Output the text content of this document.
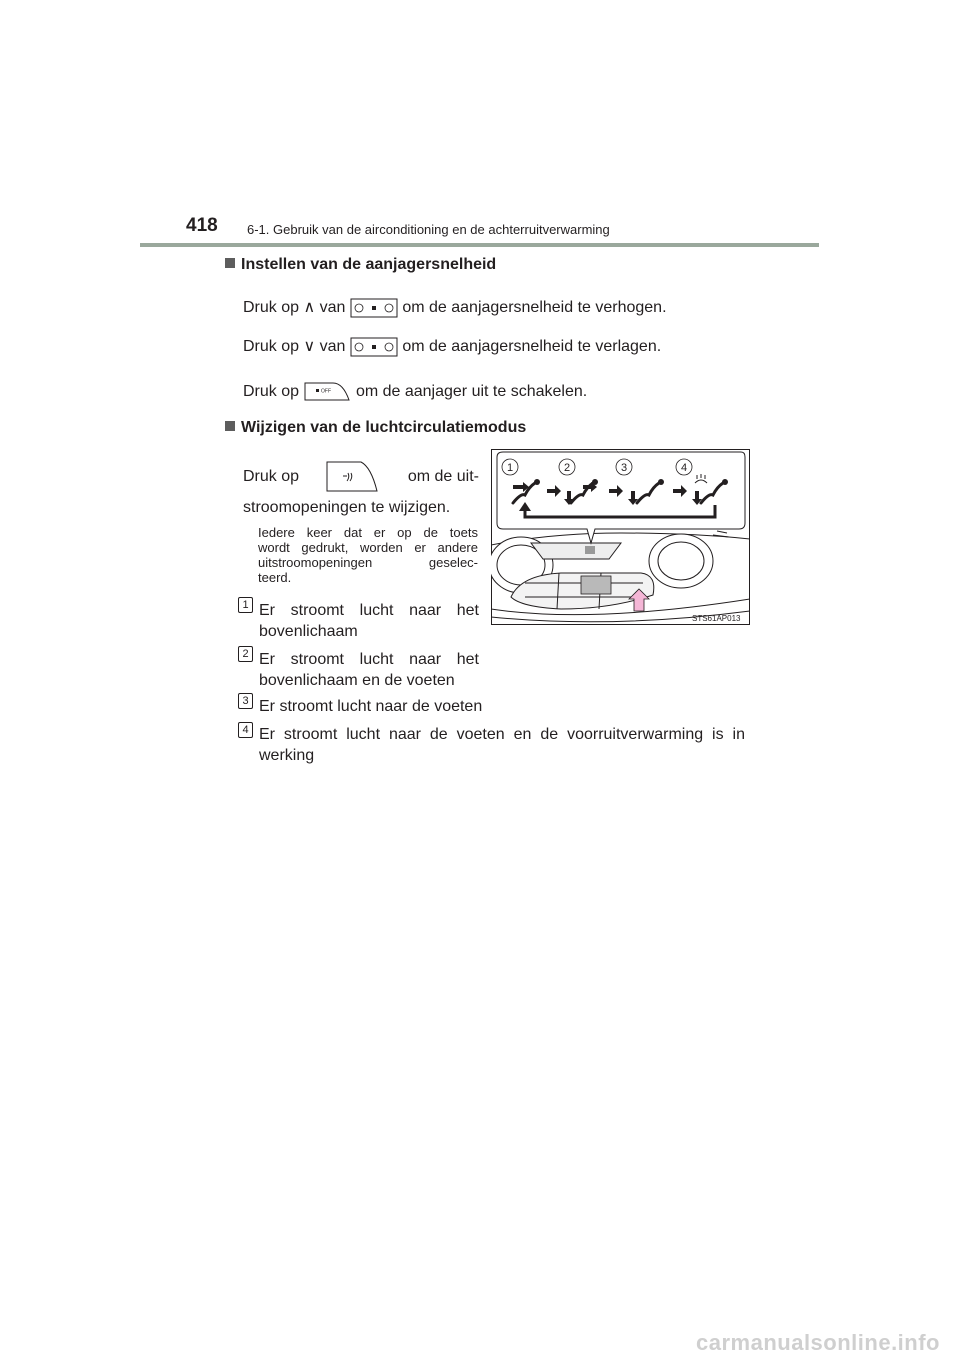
418 6-1. Gebruik van de airconditioning en de achterruitverwarming
Instellen van de aanjagersnelheid
Druk op ∧ van	om de aanjagersnelheid te verhogen.
Druk op ∨ van	om de aanjagersnelheid te verlagen.
Druk op	OFF om de aanjager uit te schakelen.
Wijzigen van de luchtcirculatiemodus
Druk op	om de uit-
stroomopeningen te wijzigen.
Iedere keer dat er op de toets
wordt gedrukt, worden er andere
uitstroomopeningen geselec-
teerd.
1 Er stroomt lucht naar het
bovenlichaam
2 Er stroomt lucht naar het
bovenlichaam en de voeten
3 Er stroomt lucht naar de voeten
4 Er stroomt lucht naar de voeten en de voorruitverwarming is in
werking
1	2	3	4
STS61AP013
carmanualsonline.info
